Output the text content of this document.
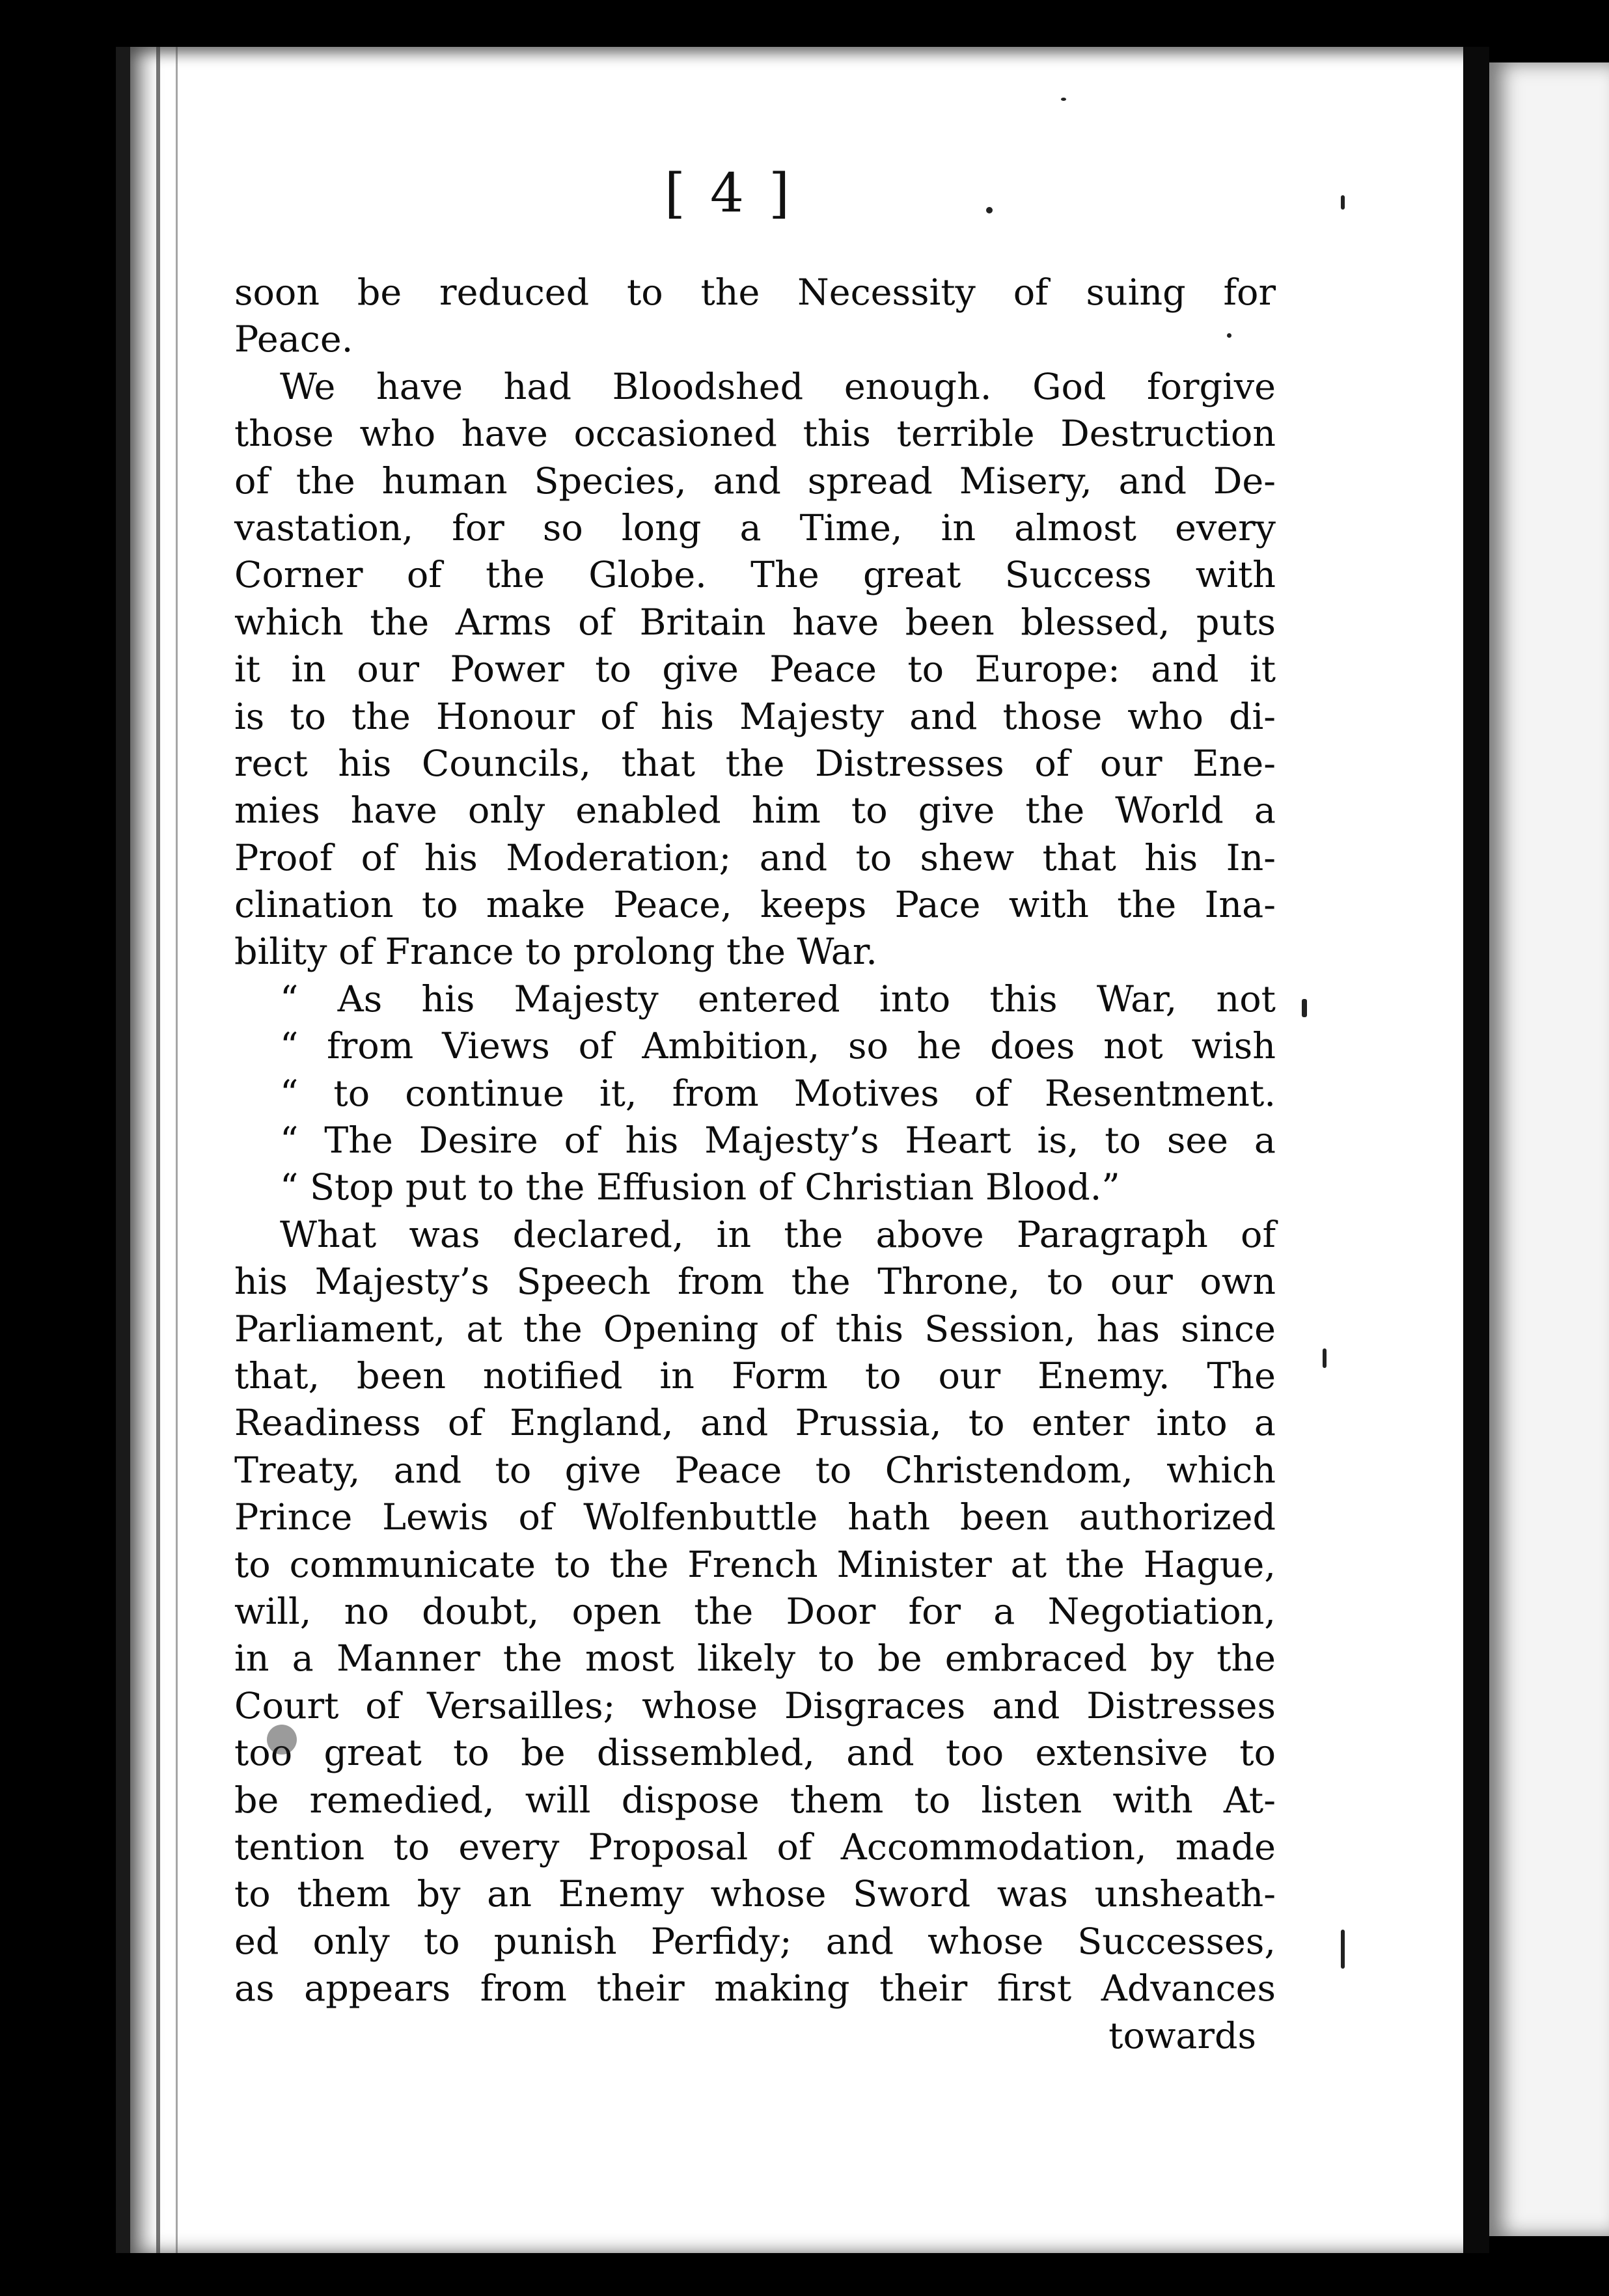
[ 4 ]
soon be reduced to the Necessity of suing for
Peace.
We have had Bloodshed enough. God forgive
those who have occasioned this terrible Destruction
of the human Species, and spread Misery, and De-
vastation, for so long a Time, in almost every
Corner of the Globe. The great Success with
which the Arms of Britain have been blessed, puts
it in our Power to give Peace to Europe: and it
is to the Honour of his Majesty and those who di-
rect his Councils, that the Distresses of our Ene-
mies have only enabled him to give the World a
Proof of his Moderation; and to shew that his In-
clination to make Peace, keeps Pace with the Ina-
bility of France to prolong the War.
“ As his Majesty entered into this War, not
“ from Views of Ambition, so he does not wish
“ to continue it, from Motives of Resentment.
“ The Desire of his Majesty’s Heart is, to see a
“ Stop put to the Effusion of Christian Blood.”
What was declared, in the above Paragraph of
his Majesty’s Speech from the Throne, to our own
Parliament, at the Opening of this Session, has since
that, been notified in Form to our Enemy. The
Readiness of England, and Prussia, to enter into a
Treaty, and to give Peace to Christendom, which
Prince Lewis of Wolfenbuttle hath been authorized
to communicate to the French Minister at the Hague,
will, no doubt, open the Door for a Negotiation,
in a Manner the most likely to be embraced by the
Court of Versailles; whose Disgraces and Distresses
too great to be dissembled, and too extensive to
be remedied, will dispose them to listen with At-
tention to every Proposal of Accommodation, made
to them by an Enemy whose Sword was unsheath-
ed only to punish Perfidy; and whose Successes,
as appears from their making their first Advances
towards
